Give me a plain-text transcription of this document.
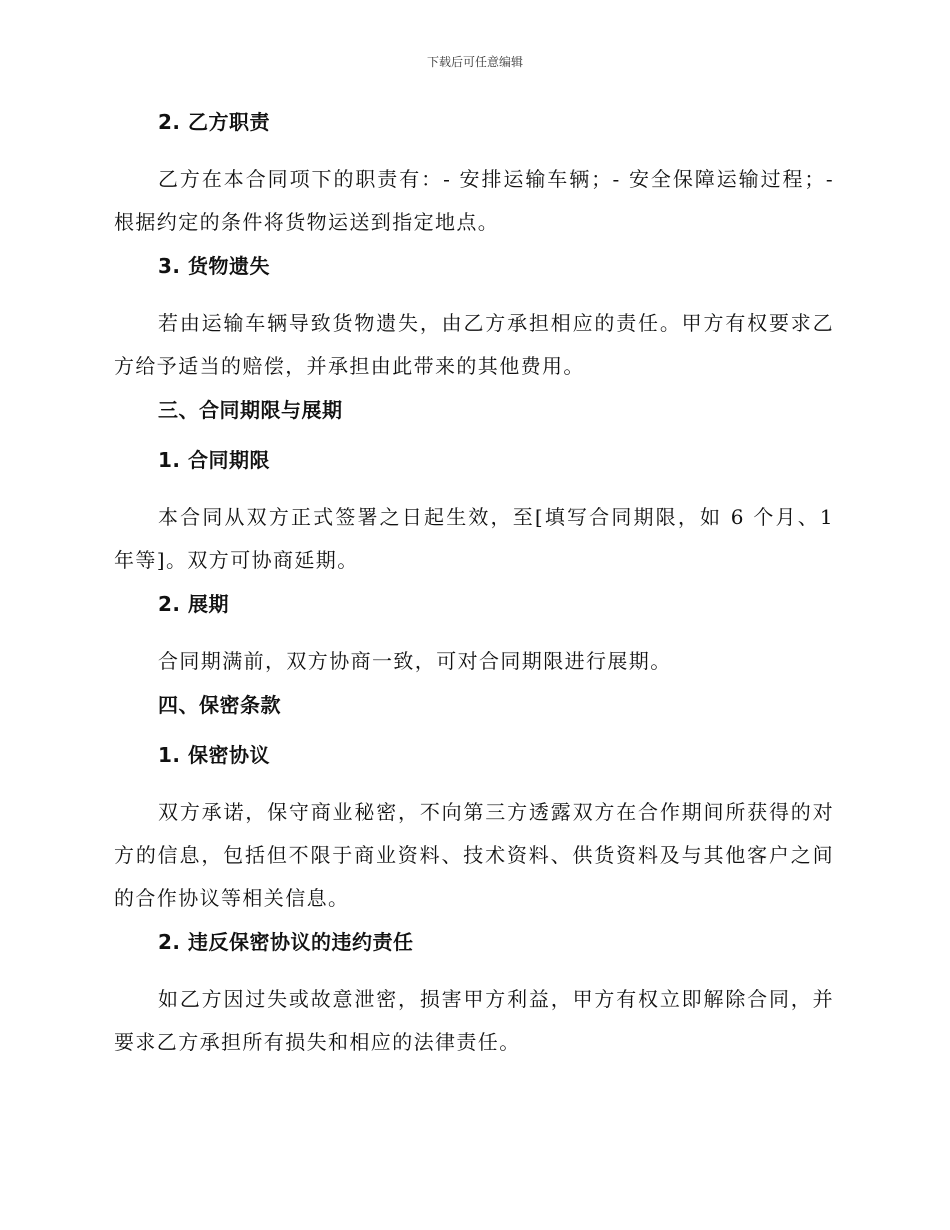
下载后可任意编辑
2. 乙方职责

乙方在本合同项下的职责有：- 安排运输车辆；- 安全保障运输过程；- 根据约定的条件将货物运送到指定地点。

3. 货物遗失

若由运输车辆导致货物遗失，由乙方承担相应的责任。甲方有权要求乙方给予适当的赔偿，并承担由此带来的其他费用。

三、合同期限与展期
1. 合同期限

本合同从双方正式签署之日起生效，至[填写合同期限，如 6 个月、1 年等]。双方可协商延期。

2. 展期

合同期满前，双方协商一致，可对合同期限进行展期。

四、保密条款
1. 保密协议

双方承诺，保守商业秘密，不向第三方透露双方在合作期间所获得的对方的信息，包括但不限于商业资料、技术资料、供货资料及与其他客户之间的合作协议等相关信息。

2. 违反保密协议的违约责任

如乙方因过失或故意泄密，损害甲方利益，甲方有权立即解除合同，并要求乙方承担所有损失和相应的法律责任。
